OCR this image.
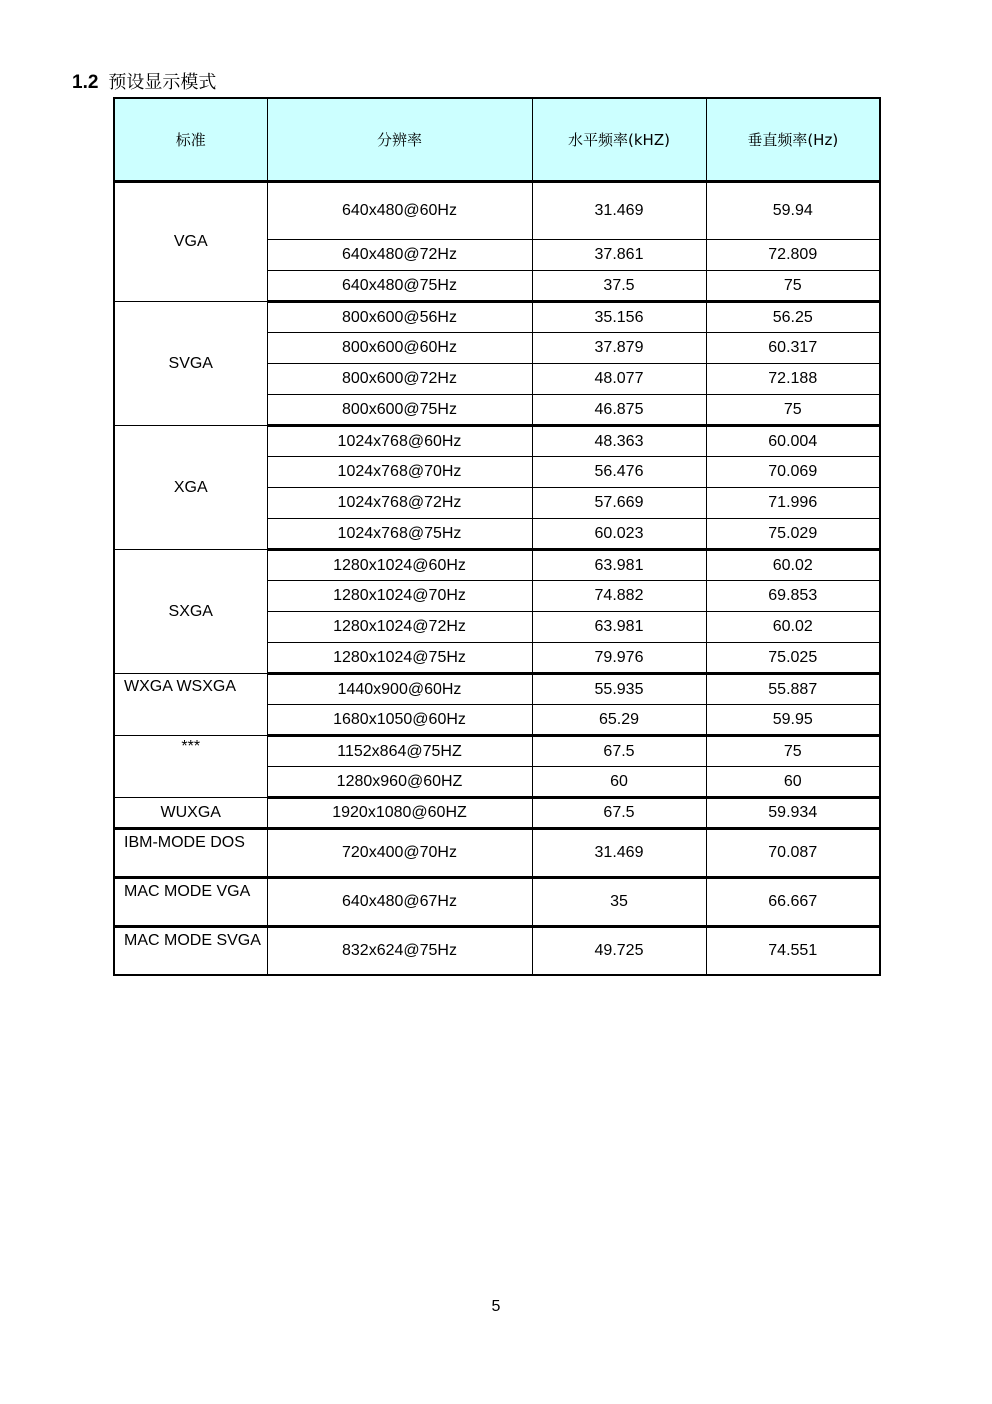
1.2 预设显示模式
标准	分辨率	水平频率(kHZ)	垂直频率(Hz)
VGA	640x480@60Hz	31.469	59.94
	640x480@72Hz	37.861	72.809
	640x480@75Hz	37.5	75
SVGA	800x600@56Hz	35.156	56.25
	800x600@60Hz	37.879	60.317
	800x600@72Hz	48.077	72.188
	800x600@75Hz	46.875	75
XGA	1024x768@60Hz	48.363	60.004
	1024x768@70Hz	56.476	70.069
	1024x768@72Hz	57.669	71.996
	1024x768@75Hz	60.023	75.029
SXGA	1280x1024@60Hz	63.981	60.02
	1280x1024@70Hz	74.882	69.853
	1280x1024@72Hz	63.981	60.02
	1280x1024@75Hz	79.976	75.025
WXGA WSXGA	1440x900@60Hz	55.935	55.887
	1680x1050@60Hz	65.29	59.95
***	1152x864@75HZ	67.5	75
	1280x960@60HZ	60	60
WUXGA	1920x1080@60HZ	67.5	59.934
IBM-MODE DOS	720x400@70Hz	31.469	70.087
MAC MODE VGA	640x480@67Hz	35	66.667
MAC MODE SVGA	832x624@75Hz	49.725	74.551
5
